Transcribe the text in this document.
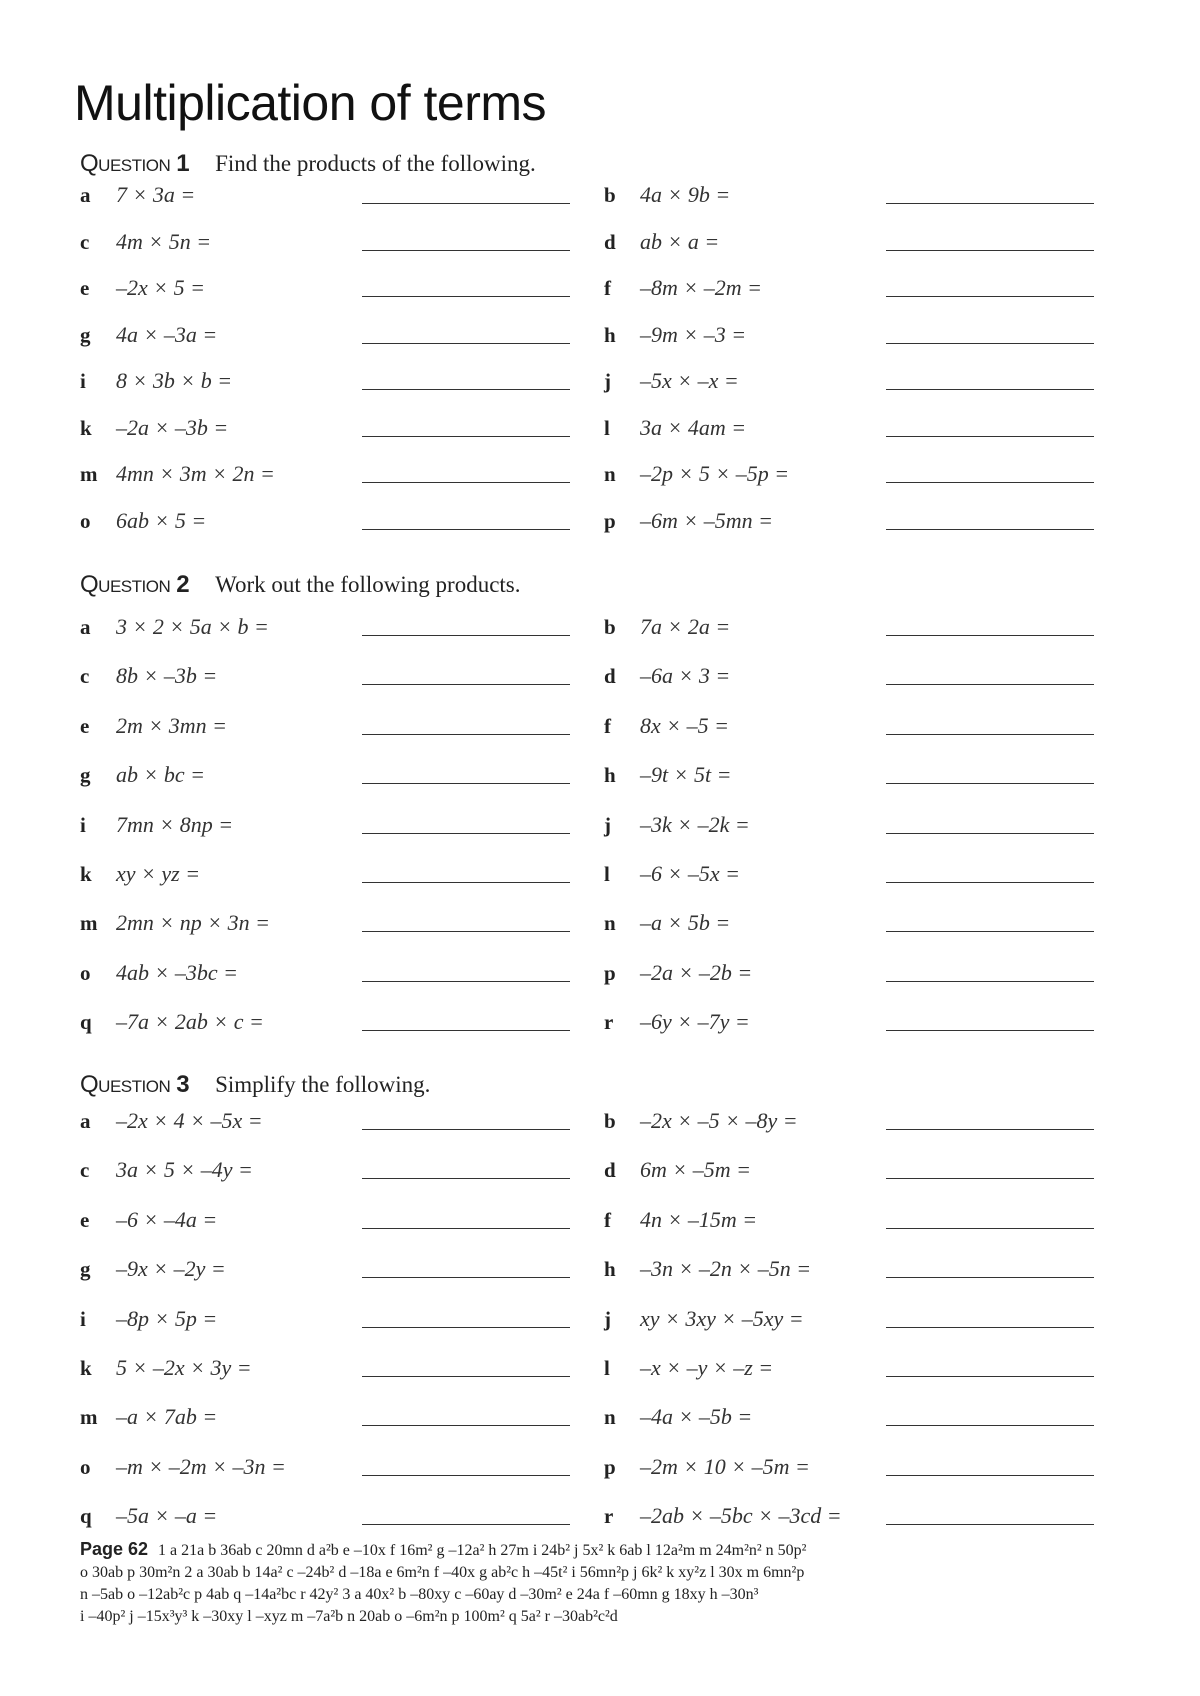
Multiplication of terms
QUESTION 1 Find the products of the following.
a	7 × 3a =	b	4a × 9b =
c	4m × 5n =	d	ab × a =
e	–2x × 5 =	f	–8m × –2m =
g	4a × –3a =	h	–9m × –3 =
i	8 × 3b × b =	j	–5x × –x =
k	–2a × –3b =	l	3a × 4am =
m 4mn × 3m × 2n =	n	–2p × 5 × –5p =
o	6ab × 5 =	p	–6m × –5mn =
QUESTION 2 Work out the following products.
a	3 × 2 × 5a × b =	b	7a × 2a =
c	8b × –3b =	d	–6a × 3 =
e	2m × 3mn =	f	8x × –5 =
g	ab × bc =	h	–9t × 5t =
i	7mn × 8np =	j	–3k × –2k =
k	xy × yz =	l	–6 × –5x =
m 2mn × np × 3n =	n	–a × 5b =
o	4ab × –3bc =	p	–2a × –2b =
q	–7a × 2ab × c =	r	–6y × –7y =
QUESTION 3 Simplify the following.
a	–2x × 4 × –5x =	b	–2x × –5 × –8y =
c	3a × 5 × –4y =	d	6m × –5m =
e	–6 × –4a =	f	4n × –15m =
g	–9x × –2y =	h	–3n × –2n × –5n =
i	–8p × 5p =	j	xy × 3xy × –5xy =
k	5 × –2x × 3y =	l	–x × –y × –z =
m –a × 7ab =	n	–4a × –5b =
o	–m × –2m × –3n =	p	–2m × 10 × –5m =
q	–5a × –a =	r	–2ab × –5bc × –3cd =
Page 62 1 a 21a b 36ab c 20mn d a²b e –10x f 16m² g –12a² h 27m i 24b² j 5x² k 6ab l 12a²m m 24m²n² n 50p²
o 30ab p 30m²n 2 a 30ab b 14a² c –24b² d –18a e 6m²n f –40x g ab²c h –45t² i 56mn²p j 6k² k xy²z l 30x m 6mn²p
n –5ab o –12ab²c p 4ab q –14a²bc r 42y² 3 a 40x² b –80xy c –60ay d –30m² e 24a f –60mn g 18xy h –30n³
i –40p² j –15x³y³ k –30xy l –xyz m –7a²b n 20ab o –6m²n p 100m² q 5a² r –30ab²c²d
